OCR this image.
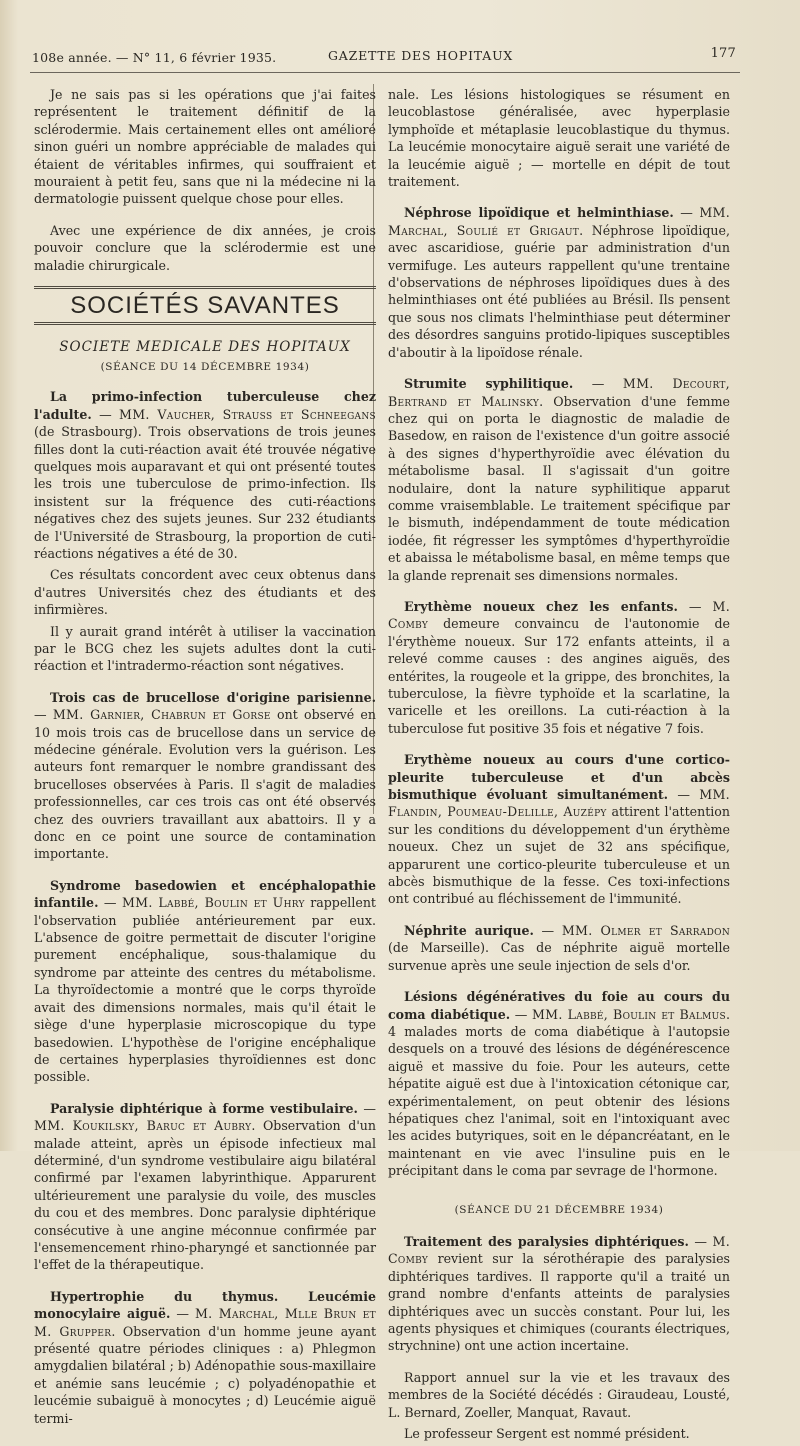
108e année. — N° 11, 6 février 1935.	GAZETTE DES HOPITAUX	177

Je ne sais pas si les opérations que j'ai faites représentent le traitement définitif de la sclérodermie. Mais certainement elles ont amélioré sinon guéri un nombre appréciable de malades qui étaient de véritables infirmes, qui souffraient et mouraient à petit feu, sans que ni la médecine ni la dermatologie puissent quelque chose pour elles.

Avec une expérience de dix années, je crois pouvoir conclure que la sclérodermie est une maladie chirurgicale.

SOCIÉTÉS SAVANTES
SOCIETE MEDICALE DES HOPITAUX
(SÉANCE DU 14 DÉCEMBRE 1934)

La primo-infection tuberculeuse chez l'adulte. — MM. Vaucher, Strauss et Schneegans (de Strasbourg). Trois observations de trois jeunes filles dont la cuti-réaction avait été trouvée négative quelques mois auparavant et qui ont présenté toutes les trois une tuberculose de primo-infection. Ils insistent sur la fréquence des cuti-réactions négatives chez des sujets jeunes. Sur 232 étudiants de l'Université de Strasbourg, la proportion de cuti-réactions négatives a été de 30.

Ces résultats concordent avec ceux obtenus dans d'autres Universités chez des étudiants et des infirmières.

Il y aurait grand intérêt à utiliser la vaccination par le BCG chez les sujets adultes dont la cuti-réaction et l'intradermo-réaction sont négatives.

Trois cas de brucellose d'origine parisienne. — MM. Garnier, Chabrun et Gorse ont observé en 10 mois trois cas de brucellose dans un service de médecine générale. Evolution vers la guérison. Les auteurs font remarquer le nombre grandissant des brucelloses observées à Paris. Il s'agit de maladies professionnelles, car ces trois cas ont été observés chez des ouvriers travaillant aux abattoirs. Il y a donc en ce point une source de contamination importante.

Syndrome basedowien et encéphalopathie infantile. — MM. Labbé, Boulin et Uhry rappellent l'observation publiée antérieurement par eux. L'absence de goitre permettait de discuter l'origine purement encéphalique, sous-thalamique du syndrome par atteinte des centres du métabolisme. La thyroïdectomie a montré que le corps thyroïde avait des dimensions normales, mais qu'il était le siège d'une hyperplasie microscopique du type basedowien. L'hypothèse de l'origine encéphalique de certaines hyperplasies thyroïdiennes est donc possible.

Paralysie diphtérique à forme vestibulaire. — MM. Koukilsky, Baruc et Aubry. Observation d'un malade atteint, après un épisode infectieux mal déterminé, d'un syndrome vestibulaire aigu bilatéral confirmé par l'examen labyrinthique. Apparurent ultérieurement une paralysie du voile, des muscles du cou et des membres. Donc paralysie diphtérique consécutive à une angine méconnue confirmée par l'ensemencement rhino-pharyngé et sanctionnée par l'effet de la thérapeutique.

Hypertrophie du thymus. Leucémie monocylaire aiguë. — M. Marchal, Mlle Brun et M. Grupper. Observation d'un homme jeune ayant présenté quatre périodes cliniques : a) Phlegmon amygdalien bilatéral ; b) Adénopathie sous-maxillaire et anémie sans leucémie ; c) polyadénopathie et leucémie subaiguë à monocytes ; d) Leucémie aiguë termi-

nale. Les lésions histologiques se résument en leucoblastose généralisée, avec hyperplasie lymphoïde et métaplasie leucoblastique du thymus. La leucémie monocytaire aiguë serait une variété de la leucémie aiguë ; — mortelle en dépit de tout traitement.

Néphrose lipoïdique et helminthiase. — MM. Marchal, Soulié et Grigaut. Néphrose lipoïdique, avec ascaridiose, guérie par administration d'un vermifuge. Les auteurs rappellent qu'une trentaine d'observations de néphroses lipoïdiques dues à des helminthiases ont été publiées au Brésil. Ils pensent que sous nos climats l'helminthiase peut déterminer des désordres sanguins protido-lipiques susceptibles d'aboutir à la lipoïdose rénale.

Strumite syphilitique. — MM. Decourt, Bertrand et Malinsky. Observation d'une femme chez qui on porta le diagnostic de maladie de Basedow, en raison de l'existence d'un goitre associé à des signes d'hyperthyroïdie avec élévation du métabolisme basal. Il s'agissait d'un goitre nodulaire, dont la nature syphilitique apparut comme vraisemblable. Le traitement spécifique par le bismuth, indépendamment de toute médication iodée, fit régresser les symptômes d'hyperthyroïdie et abaissa le métabolisme basal, en même temps que la glande reprenait ses dimensions normales.

Erythème noueux chez les enfants. — M. Comby demeure convaincu de l'autonomie de l'érythème noueux. Sur 172 enfants atteints, il a relevé comme causes : des angines aiguës, des entérites, la rougeole et la grippe, des bronchites, la tuberculose, la fièvre typhoïde et la scarlatine, la varicelle et les oreillons. La cuti-réaction à la tuberculose fut positive 35 fois et négative 7 fois.

Erythème noueux au cours d'une cortico-pleurite tuberculeuse et d'un abcès bismuthique évoluant simultanément. — MM. Flandin, Poumeau-Delille, Auzépy attirent l'attention sur les conditions du développement d'un érythème noueux. Chez un sujet de 32 ans spécifique, apparurent une cortico-pleurite tuberculeuse et un abcès bismuthique de la fesse. Ces toxi-infections ont contribué au fléchissement de l'immunité.

Néphrite aurique. — MM. Olmer et Sarradon (de Marseille). Cas de néphrite aiguë mortelle survenue après une seule injection de sels d'or.

Lésions dégénératives du foie au cours du coma diabétique. — MM. Labbé, Boulin et Balmus. 4 malades morts de coma diabétique à l'autopsie desquels on a trouvé des lésions de dégénérescence aiguë et massive du foie. Pour les auteurs, cette hépatite aiguë est due à l'intoxication cétonique car, expérimentalement, on peut obtenir des lésions hépatiques chez l'animal, soit en l'intoxiquant avec les acides butyriques, soit en le dépancréatant, en le maintenant en vie avec l'insuline puis en le précipitant dans le coma par sevrage de l'hormone.

(SÉANCE DU 21 DÉCEMBRE 1934)

Traitement des paralysies diphtériques. — M. Comby revient sur la sérothérapie des paralysies diphtériques tardives. Il rapporte qu'il a traité un grand nombre d'enfants atteints de paralysies diphtériques avec un succès constant. Pour lui, les agents physiques et chimiques (courants électriques, strychnine) ont une action incertaine.

Rapport annuel sur la vie et les travaux des membres de la Société décédés : Giraudeau, Lousté, L. Bernard, Zoeller, Manquat, Ravaut.

Le professeur Sergent est nommé président.
